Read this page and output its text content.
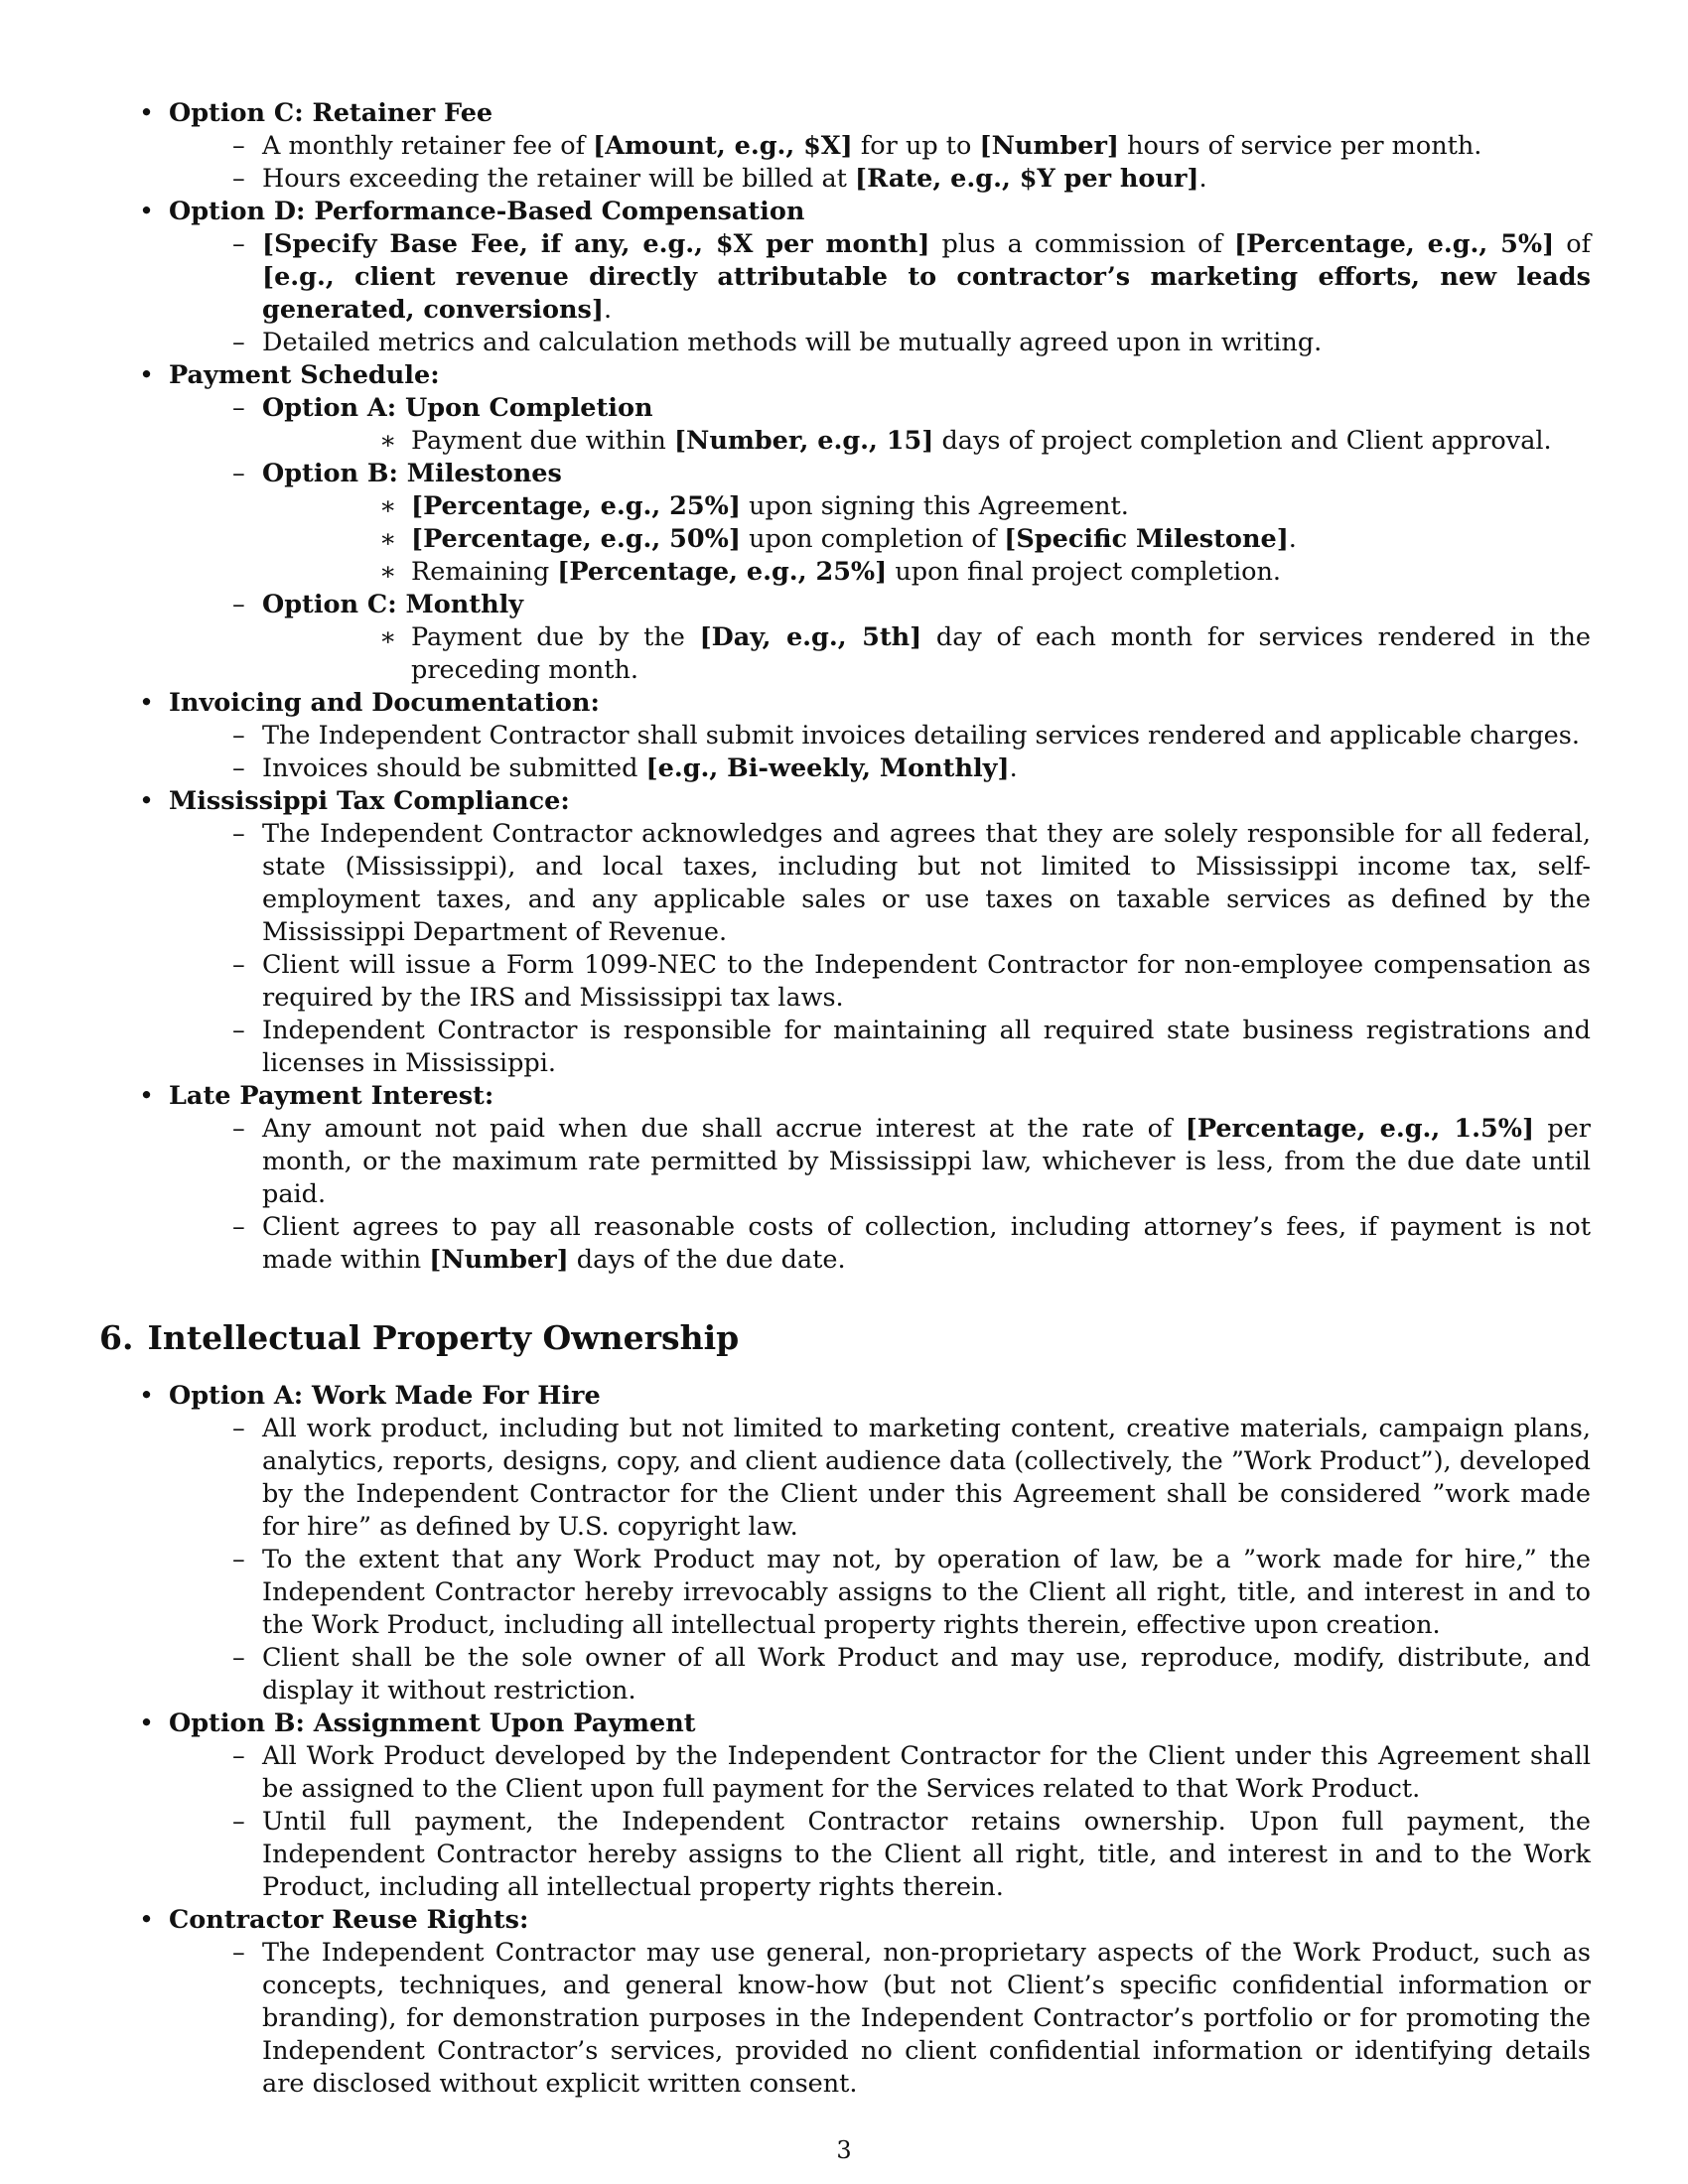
• Option C: Retainer Fee
– A monthly retainer fee of [Amount, e.g., $X] for up to [Number] hours of service per month.
– Hours exceeding the retainer will be billed at [Rate, e.g., $Y per hour].
• Option D: Performance-Based Compensation
– [Specify Base Fee, if any, e.g., $X per month] plus a commission of [Percentage, e.g., 5%] of [e.g., client revenue directly attributable to contractor’s marketing efforts, new leads generated, conversions].
– Detailed metrics and calculation methods will be mutually agreed upon in writing.
• Payment Schedule:
– Option A: Upon Completion
∗ Payment due within [Number, e.g., 15] days of project completion and Client approval.
– Option B: Milestones
∗ [Percentage, e.g., 25%] upon signing this Agreement.
∗ [Percentage, e.g., 50%] upon completion of [Specific Milestone].
∗ Remaining [Percentage, e.g., 25%] upon final project completion.
– Option C: Monthly
∗ Payment due by the [Day, e.g., 5th] day of each month for services rendered in the preceding month.
• Invoicing and Documentation:
– The Independent Contractor shall submit invoices detailing services rendered and applicable charges.
– Invoices should be submitted [e.g., Bi-weekly, Monthly].
• Mississippi Tax Compliance:
– The Independent Contractor acknowledges and agrees that they are solely responsible for all federal, state (Mississippi), and local taxes, including but not limited to Mississippi income tax, self-employment taxes, and any applicable sales or use taxes on taxable services as defined by the Mississippi Department of Revenue.
– Client will issue a Form 1099-NEC to the Independent Contractor for non-employee compensation as required by the IRS and Mississippi tax laws.
– Independent Contractor is responsible for maintaining all required state business registrations and licenses in Mississippi.
• Late Payment Interest:
– Any amount not paid when due shall accrue interest at the rate of [Percentage, e.g., 1.5%] per month, or the maximum rate permitted by Mississippi law, whichever is less, from the due date until paid.
– Client agrees to pay all reasonable costs of collection, including attorney’s fees, if payment is not made within [Number] days of the due date.
6. Intellectual Property Ownership
• Option A: Work Made For Hire
– All work product, including but not limited to marketing content, creative materials, campaign plans, analytics, reports, designs, copy, and client audience data (collectively, the ”Work Product”), developed by the Independent Contractor for the Client under this Agreement shall be considered ”work made for hire” as defined by U.S. copyright law.
– To the extent that any Work Product may not, by operation of law, be a ”work made for hire,” the Independent Contractor hereby irrevocably assigns to the Client all right, title, and interest in and to the Work Product, including all intellectual property rights therein, effective upon creation.
– Client shall be the sole owner of all Work Product and may use, reproduce, modify, distribute, and display it without restriction.
• Option B: Assignment Upon Payment
– All Work Product developed by the Independent Contractor for the Client under this Agreement shall be assigned to the Client upon full payment for the Services related to that Work Product.
– Until full payment, the Independent Contractor retains ownership. Upon full payment, the Independent Contractor hereby assigns to the Client all right, title, and interest in and to the Work Product, including all intellectual property rights therein.
• Contractor Reuse Rights:
– The Independent Contractor may use general, non-proprietary aspects of the Work Product, such as concepts, techniques, and general know-how (but not Client’s specific confidential information or branding), for demonstration purposes in the Independent Contractor’s portfolio or for promoting the Independent Contractor’s services, provided no client confidential information or identifying details are disclosed without explicit written consent.
3
